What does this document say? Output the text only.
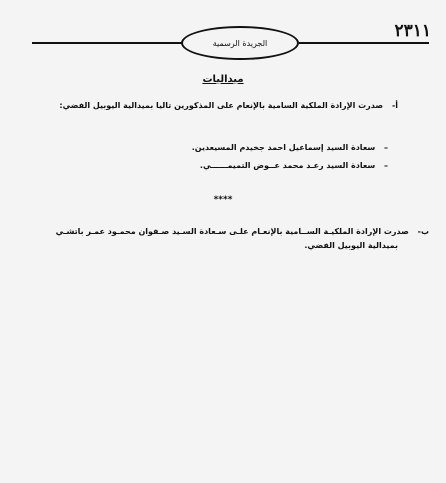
٢٣١١
الجريدة الرسمية
ميداليات
أ- صدرت الإرادة الملكية السامية بالإنعام على المذكورين تاليا بميدالية اليوبيل الفضي:
– سعادة السيد إسماعيل احمد جخيدم المسيعدين.
– سعادة السيد رعـد محمد عــوض التميمــــــي.
****
ب- صدرت الإرادة الملكيـة الســامية بالإنعـام علـى سـعادة السـيد صـفوان محمـود عمـر باتشـي
بميدالية اليوبيل الفضي.
